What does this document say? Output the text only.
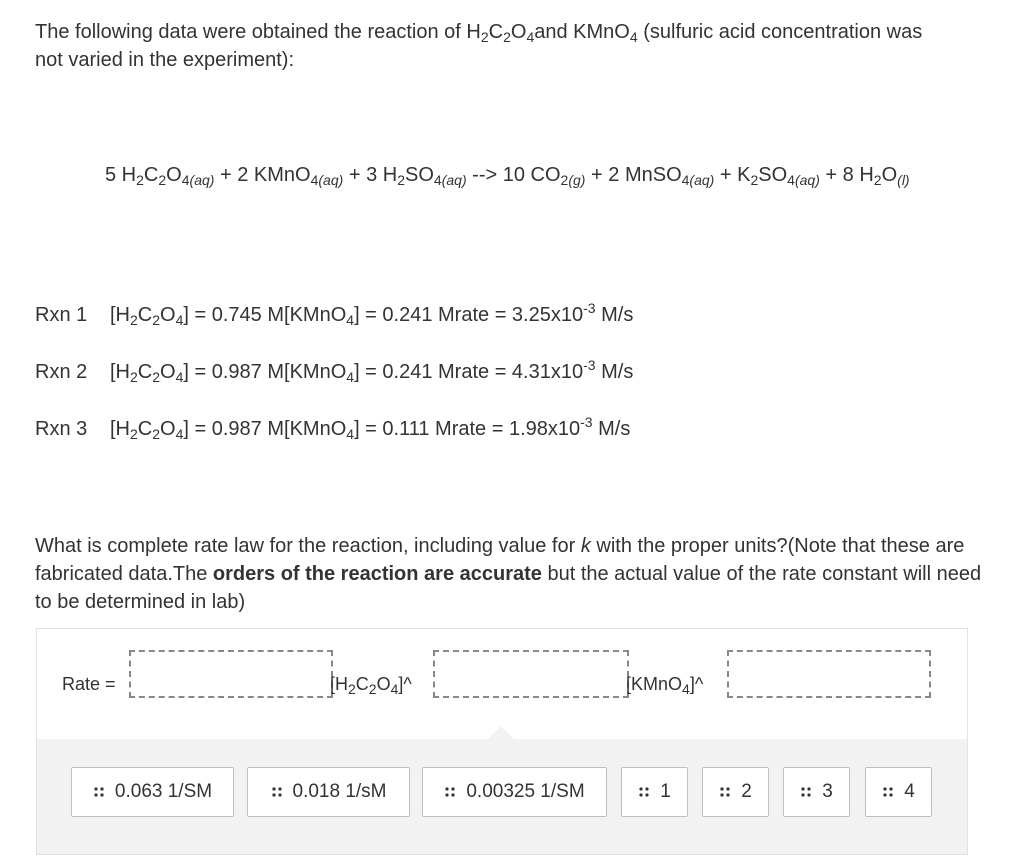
The following data were obtained the reaction of $H_2C_2O_4and$ KMnO$_4$ (sulfuric acid concentration was not varied in the experiment):
5 $H_2C_2O_{4(aq)} + 2$ KMnO$_{4(aq)}$ + 3 $H_2SO_{4(aq)}$ --> 10 $CO_{2(g)} + 2$ MnSO$_{4(aq)}$ + $K_2SO_{4(aq)} + 8$ $H_2O_{(l)}$
Rxn 1 $[H_2C_2O_4] = 0.745$ M[KMnO$_4$] = 0.241 Mrate = $3.25x10^{-3}$ M/s
Rxn 2 $[H_2C_2O_4] = 0.987$ M[KMnO$_4$] = 0.241 Mrate = $4.31x10^{-3}$ M/s
Rxn 3 $[H_2C_2O_4] = 0.987$ M[KMnO$_4$] = 0.111 Mrate = $1.98x10^{-3}$ M/s
What is complete rate law for the reaction, including value for k with the proper units?(Note that these are fabricated data.The orders of the reaction are accurate but the actual value of the rate constant will need to be determined in lab)
Rate =	$[H_2C_2O_4]\^{}$	[KMnO$_4$]^
0.063 1/SM	0.018 1/sM	0.00325 1/SM	1	2	3	4
